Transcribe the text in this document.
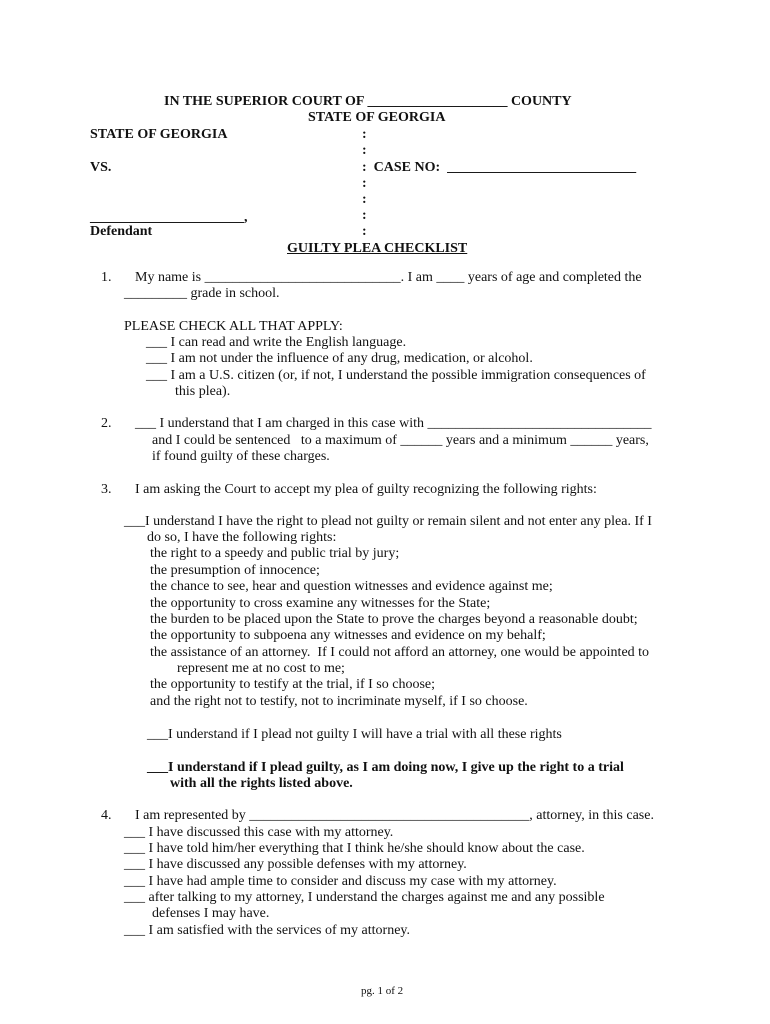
IN THE SUPERIOR COURT OF ____________________ COUNTY
STATE OF GEORGIA
STATE OF GEORGIA
VS.
______________________,
Defendant
:
:
:  CASE NO:  ___________________________
:
:
:
:
GUILTY PLEA CHECKLIST
1. My name is ____________________________. I am ____ years of age and completed the
_________ grade in school.
PLEASE CHECK ALL THAT APPLY:
___ I can read and write the English language.
___ I am not under the influence of any drug, medication, or alcohol.
___ I am a U.S. citizen (or, if not, I understand the possible immigration consequences of
this plea).
2. ___ I understand that I am charged in this case with ________________________________
and I could be sentenced   to a maximum of ______ years and a minimum ______ years,
if found guilty of these charges.
3. I am asking the Court to accept my plea of guilty recognizing the following rights:
___I understand I have the right to plead not guilty or remain silent and not enter any plea. If I
do so, I have the following rights:
the right to a speedy and public trial by jury;
the presumption of innocence;
the chance to see, hear and question witnesses and evidence against me;
the opportunity to cross examine any witnesses for the State;
the burden to be placed upon the State to prove the charges beyond a reasonable doubt;
the opportunity to subpoena any witnesses and evidence on my behalf;
the assistance of an attorney.  If I could not afford an attorney, one would be appointed to
represent me at no cost to me;
the opportunity to testify at the trial, if I so choose;
and the right not to testify, not to incriminate myself, if I so choose.
___I understand if I plead not guilty I will have a trial with all these rights
___I understand if I plead guilty, as I am doing now, I give up the right to a trial
with all the rights listed above.
4. I am represented by ________________________________________, attorney, in this case.
___ I have discussed this case with my attorney.
___ I have told him/her everything that I think he/she should know about the case.
___ I have discussed any possible defenses with my attorney.
___ I have had ample time to consider and discuss my case with my attorney.
___ after talking to my attorney, I understand the charges against me and any possible
defenses I may have.
___ I am satisfied with the services of my attorney.
pg. 1 of 2
